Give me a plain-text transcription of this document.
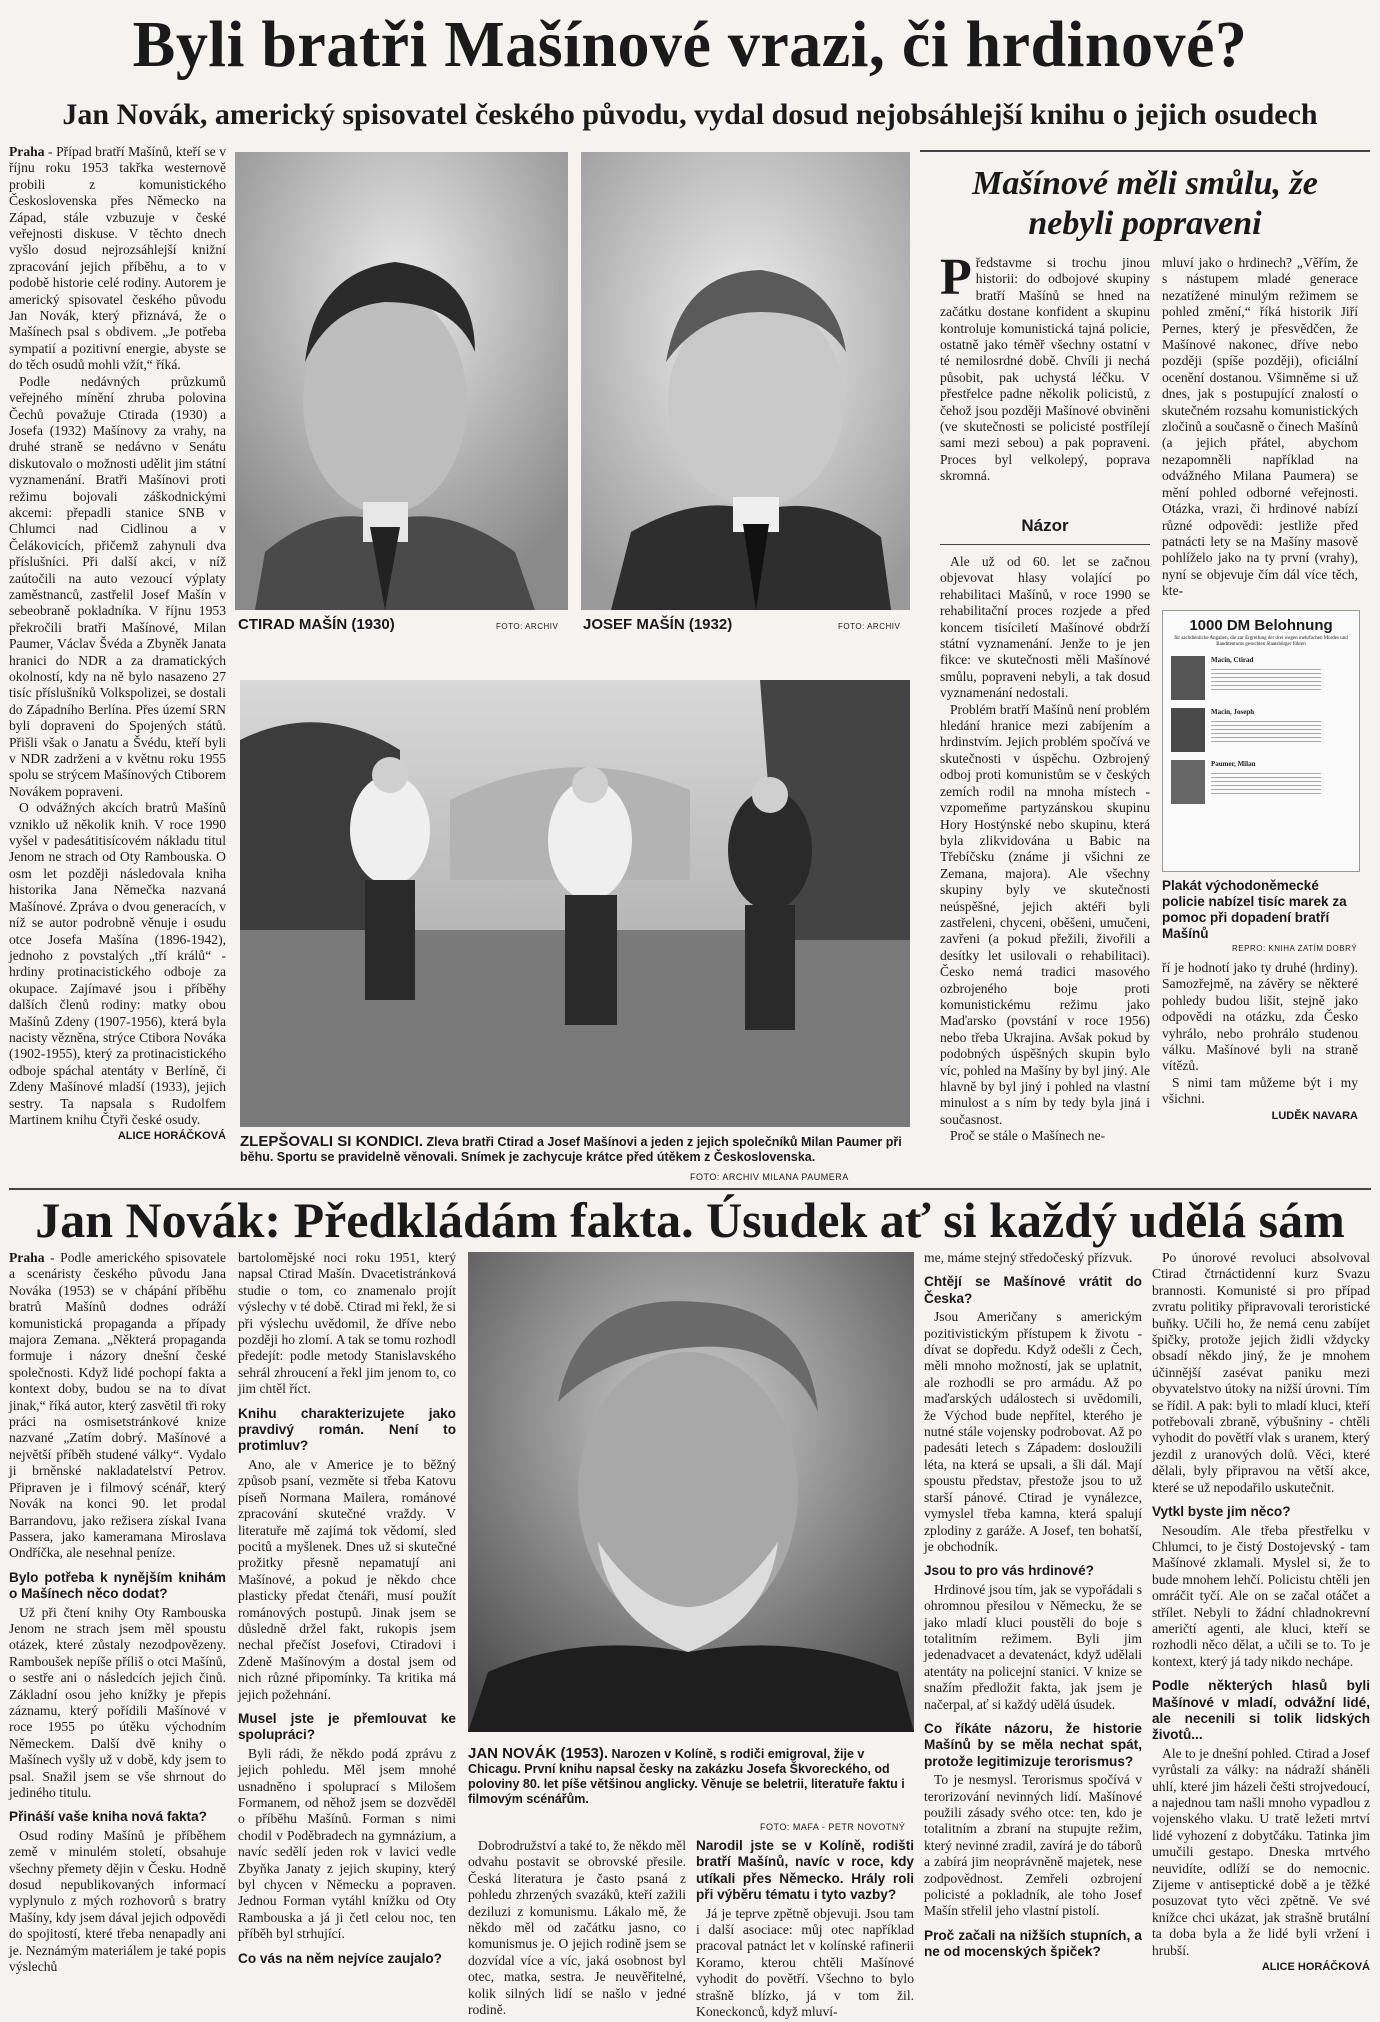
Byli bratři Mašínové vrazi, či hrdinové?
Jan Novák, americký spisovatel českého původu, vydal dosud nejobsáhlejší knihu o jejich osudech

Praha - Případ bratří Mašínů, kteří se v říjnu roku 1953 takřka westernově probili z komunistického Československa přes Německo na Západ, stále vzbuzuje v české veřejnosti diskuse. V těchto dnech vyšlo dosud nejrozsáhlejší knižní zpracování jejich příběhu, a to v podobě historie celé rodiny. Autorem je americký spisovatel českého původu Jan Novák, který přiznává, že o Mašínech psal s obdivem. „Je potřeba sympatií a pozitivní energie, abyste se do těch osudů mohli vžít,“ říká.

Podle nedávných průzkumů veřejného mínění zhruba polovina Čechů považuje Ctirada (1930) a Josefa (1932) Mašínovy za vrahy, na druhé straně se nedávno v Senátu diskutovalo o možnosti udělit jim státní vyznamenání. Bratři Mašínovi proti režimu bojovali záškodnickými akcemi: přepadli stanice SNB v Chlumci nad Cidlinou a v Čelákovicích, přičemž zahynuli dva příslušníci. Při další akci, v níž zaútočili na auto vezoucí výplaty zaměstnanců, zastřelil Josef Mašín v sebeobraně pokladníka. V říjnu 1953 překročili bratři Mašínové, Milan Paumer, Václav Švéda a Zbyněk Janata hranici do NDR a za dramatických okolností, kdy na ně bylo nasazeno 27 tisíc příslušníků Volkspolizei, se dostali do Západního Berlína. Přes území SRN byli dopraveni do Spojených států. Přišli však o Janatu a Švédu, kteří byli v NDR zadrženi a v květnu roku 1955 spolu se strýcem Mašínových Ctiborem Novákem popraveni.

O odvážných akcích bratrů Mašínů vzniklo už několik knih. V roce 1990 vyšel v padesátitisícovém nákladu titul Jenom ne strach od Oty Rambouska. O osm let později následovala kniha historika Jana Němečka nazvaná Mašínové. Zpráva o dvou generacích, v níž se autor podrobně věnuje i osudu otce Josefa Mašína (1896-1942), jednoho z povstalých „tří králů“ - hrdiny protinacistického odboje za okupace. Zajímavé jsou i příběhy dalších členů rodiny: matky obou Mašínů Zdeny (1907-1956), která byla nacisty vězněna, strýce Ctibora Nováka (1902-1955), který za protinacistického odboje spáchal atentáty v Berlíně, či Zdeny Mašínové mladší (1933), jejich sestry. Ta napsala s Rudolfem Martinem knihu Čtyři české osudy.

ALICE HORÁČKOVÁ
CTIRAD MAŠÍN (1930)	FOTO: ARCHIV JOSEF MAŠÍN (1932)	FOTO: ARCHIV
Mašínové měli smůlu, že nebyli popraveni
Představme si trochu jinou historii: do odbojové skupiny bratří Mašínů se hned na začátku dostane konfident a skupinu kontroluje komunistická tajná policie, ostatně jako téměř všechny ostatní v té nemilosrdné době. Chvíli ji nechá působit, pak uchystá léčku. V přestřelce padne několik policistů, z čehož jsou později Mašínové obviněni (ve skutečnosti se policisté postřílejí sami mezi sebou) a pak popraveni. Proces byl velkolepý, poprava skromná.
Názor

Ale už od 60. let se začnou objevovat hlasy volající po rehabilitaci Mašínů, v roce 1990 se rehabilitační proces rozjede a před koncem tisíciletí Mašínové obdrží státní vyznamenání. Jenže to je jen fikce: ve skutečnosti měli Mašínové smůlu, popraveni nebyli, a tak dosud vyznamenání nedostali.

Problém bratří Mašínů není problém hledání hranice mezi zabíjením a hrdinstvím. Jejich problém spočívá ve skutečnosti v úspěchu. Ozbrojený odboj proti komunistům se v českých zemích rodil na mnoha místech - vzpomeňme partyzánskou skupinu Hory Hostýnské nebo skupinu, která byla zlikvidována u Babic na Třebíčsku (známe ji všichni ze Zemana, majora). Ale všechny skupiny byly ve skutečnosti neúspěšné, jejich aktéři byli zastřeleni, chyceni, oběšeni, umučeni, zavřeni (a pokud přežili, živořili a desítky let usilovali o rehabilitaci). Česko nemá tradici masového ozbrojeného boje proti komunistickému režimu jako Maďarsko (povstání v roce 1956) nebo třeba Ukrajina. Avšak pokud by podobných úspěšných skupin bylo víc, pohled na Mašíny by byl jiný. Ale hlavně by byl jiný i pohled na vlastní minulost a s ním by tedy byla jiná i současnost.

Proč se stále o Mašínech ne-

mluví jako o hrdinech? „Věřím, že s nástupem mladé generace nezatížené minulým režimem se pohled změní,“ říká historik Jiří Pernes, který je přesvědčen, že Mašínové nakonec, dříve nebo později (spíše později), oficiální ocenění dostanou. Všimněme si už dnes, jak s postupující znalostí o skutečném rozsahu komunistických zločinů a současně o činech Mašínů (a jejich přátel, abychom nezapomněli například na odvážného Milana Paumera) se mění pohled odborné veřejnosti. Otázka, vrazi, či hrdinové nabízí různé odpovědi: jestliže před patnácti lety se na Mašíny masově pohlíželo jako na ty první (vrahy), nyní se objevuje čím dál více těch, kte-

1000 DM Belohnung
für sachdienliche Angaben, die zur Ergreifung der drei wegen mehrfachen Mordes und Banditentums gesuchten Staatsbürger führen
Macin, Ctirad
Macin, Joseph
Paumer, Milan
Plakát východoněmecké policie nabízel tisíc marek za pomoc při dopadení bratří Mašínů
REPRO: KNIHA ZATÍM DOBRÝ

ří je hodnotí jako ty druhé (hrdiny). Samozřejmě, na závěry se některé pohledy budou lišit, stejně jako odpovědi na otázku, zda Česko vyhrálo, nebo prohrálo studenou válku. Mašínové byli na straně vítězů.

S nimi tam můžeme být i my všichni.

LUDĚK NAVARA
ZLEPŠOVALI SI KONDICI. Zleva bratři Ctirad a Josef Mašínovi a jeden z jejich společníků Milan Paumer při běhu. Sportu se pravidelně věnovali. Snímek je zachycuje krátce před útěkem z Československa.
FOTO: ARCHIV MILANA PAUMERA
Jan Novák: Předkládám fakta. Úsudek ať si každý udělá sám

Praha - Podle amerického spisovatele a scenáristy českého původu Jana Nováka (1953) se v chápání příběhu bratrů Mašínů dodnes odráží komunistická propaganda a případy majora Zemana. „Některá propaganda formuje i názory dnešní české společnosti. Když lidé pochopí fakta a kontext doby, budou se na to dívat jinak,“ říká autor, který zasvětil tři roky práci na osmisetstránkové knize nazvané „Zatím dobrý. Mašínové a největší příběh studené války“. Vydalo ji brněnské nakladatelství Petrov. Připraven je i filmový scénář, který Novák na konci 90. let prodal Barrandovu, jako režisera získal Ivana Passera, jako kameramana Miroslava Ondříčka, ale nesehnal peníze.

Bylo potřeba k nynějším knihám o Mašínech něco dodat?

Už při čtení knihy Oty Rambouska Jenom ne strach jsem měl spoustu otázek, které zůstaly nezodpovězeny. Ramboušek nepíše příliš o otci Mašínů, o sestře ani o následcích jejich činů. Základní osou jeho knížky je přepis záznamu, který pořídili Mašínové v roce 1955 po útěku východním Německem. Další dvě knihy o Mašínech vyšly už v době, kdy jsem to psal. Snažil jsem se vše shrnout do jediného titulu.

Přináší vaše kniha nová fakta?

Osud rodiny Mašínů je příběhem země v minulém století, obsahuje všechny přemety dějin v Česku. Hodně dosud nepublikovaných informací vyplynulo z mých rozhovorů s bratry Mašíny, kdy jsem dával jejich odpovědi do spojitostí, které třeba nenapadly ani je. Neznámým materiálem je také popis výslechů

bartolomějské noci roku 1951, který napsal Ctirad Mašín. Dvacetistránková studie o tom, co znamenalo projít výslechy v té době. Ctirad mi řekl, že si při výslechu uvědomil, že dříve nebo později ho zlomí. A tak se tomu rozhodl předejít: podle metody Stanislavského sehrál zhroucení a řekl jim jenom to, co jim chtěl říct.

Knihu charakterizujete jako pravdivý román. Není to protimluv?

Ano, ale v Americe je to běžný způsob psaní, vezměte si třeba Katovu píseň Normana Mailera, románové zpracování skutečné vraždy. V literatuře mě zajímá tok vědomí, sled pocitů a myšlenek. Dnes už si skutečné prožitky přesně nepamatují ani Mašínové, a pokud je někdo chce plasticky předat čtenáři, musí použít románových postupů. Jinak jsem se důsledně držel fakt, rukopis jsem nechal přečíst Josefovi, Ctiradovi i Zdeně Mašínovým a dostal jsem od nich různé připomínky. Ta kritika má jejich požehnání.

Musel jste je přemlouvat ke spolupráci?

Byli rádi, že někdo podá zprávu z jejich pohledu. Měl jsem mnohé usnadněno i spoluprací s Milošem Formanem, od něhož jsem se dozvěděl o příběhu Mašínů. Forman s nimi chodil v Poděbradech na gymnázium, a navíc sedělí jeden rok v lavici vedle Zbyňka Janaty z jejich skupiny, který byl chycen v Německu a popraven. Jednou Forman vytáhl knížku od Oty Rambouska a já ji četl celou noc, ten příběh byl strhující.

Co vás na něm nejvíce zaujalo?
JAN NOVÁK (1953). Narozen v Kolíně, s rodiči emigroval, žije v Chicagu. První knihu napsal česky na zakázku Josefa Škvoreckého, od poloviny 80. let píše většinou anglicky. Věnuje se beletrii, literatuře faktu i filmovým scénářům.
FOTO: MAFA - PETR NOVOTNÝ

Dobrodružství a také to, že někdo měl odvahu postavit se obrovské přesile. Česká literatura je často psaná z pohledu zhrzených svazáků, kteří zažili deziluzi z komunismu. Lákalo mě, že někdo měl od začátku jasno, co komunismus je. O jejich rodině jsem se dozvídal více a víc, jaká osobnost byl otec, matka, sestra. Je neuvěřitelné, kolik silných lidí se našlo v jedné rodině.

Narodil jste se v Kolíně, rodišti bratří Mašínů, navíc v roce, kdy utíkali přes Německo. Hrály roli při výběru tématu i tyto vazby?

Já je teprve zpětně objevuji. Jsou tam i další asociace: můj otec například pracoval patnáct let v kolínské rafinerii Koramo, kterou chtěli Mašínové vyhodit do povětří. Všechno to bylo strašně blízko, já v tom žil. Koneckonců, když mluví-

me, máme stejný středočeský přízvuk.

Chtějí se Mašínové vrátit do Česka?

Jsou Američany s americkým pozitivistickým přístupem k životu - dívat se dopředu. Když odešli z Čech, měli mnoho možností, jak se uplatnit, ale rozhodli se pro armádu. Až po maďarských událostech si uvědomili, že Východ bude nepřítel, kterého je nutné stále vojensky podrobovat. Až po padesáti letech s Západem: dosloužili léta, na která se upsali, a šli dál. Mají spoustu představ, přestože jsou to už starší pánové. Ctirad je vynálezce, vymyslel třeba kamna, která spalují zplodiny z garáže. A Josef, ten bohatší, je obchodník.

Jsou to pro vás hrdinové?

Hrdinové jsou tím, jak se vypořádali s ohromnou přesilou v Německu, že se jako mladí kluci poustěli do boje s totalitním režimem. Byli jim jedenadvacet a devatenáct, když udělali atentáty na policejní stanici. V knize se snažím předložit fakta, jak jsem je načerpal, ať si každý udělá úsudek.

Co říkáte názoru, že historie Mašínů by se měla nechat spát, protože legitimizuje terorismus?

To je nesmysl. Terorismus spočívá v terorizování nevinných lidí. Mašínové použili zásady svého otce: ten, kdo je totalitním a zbraní na stupujte režim, který nevinné zradil, zavírá je do táborů a zabírá jim neoprávněně majetek, nese zodpovědnost. Zemřeli ozbrojení policisté a pokladník, ale toho Josef Mašín střelil jeho vlastní pistolí.

Proč začali na nižších stupních, a ne od mocenských špiček?

Po únorové revoluci absolvoval Ctirad čtrnáctidenní kurz Svazu brannosti. Komunisté si pro případ zvratu politiky připravovali teroristické buňky. Učili ho, že nemá cenu zabíjet špičky, protože jejich židli vždycky obsadí někdo jiný, že je mnohem účinnější zasévat paniku mezi obyvatelstvo útoky na nižší úrovni. Tím se řídil. A pak: byli to mladí kluci, kteří potřebovali zbraně, výbušniny - chtěli vyhodit do povětří vlak s uranem, který jezdil z uranových dolů. Věci, které dělali, byly připravou na větší akce, které se už nepodařilo uskutečnit.

Vytkl byste jim něco?

Nesoudím. Ale třeba přestřelku v Chlumci, to je čistý Dostojevský - tam Mašínové zklamali. Myslel si, že to bude mnohem lehčí. Policistu chtěli jen omráčit tyčí. Ale on se začal otáčet a střílet. Nebyli to žádní chladnokrevní američtí agenti, ale kluci, kteří se rozhodli něco dělat, a učili se to. To je kontext, který já tady nikdo nechápe.

Podle některých hlasů byli Mašínové v mladí, odvážní lidé, ale necenili si tolik lidských životů...

Ale to je dnešní pohled. Ctirad a Josef vyrůstali za války: na nádraží sháněli uhlí, které jim házeli češti strojvedoucí, a najednou tam našli mnoho vypadlou z vojenského vlaku. U tratě ležeti mrtví lidé vyhození z dobytčáku. Tatinka jim umučili gestapo. Dneska mrtvého neuvidíte, odlíží se do nemocnic. Zijeme v antiseptické době a je těžké posuzovat tyto věci zpětně. Ve své knížce chci ukázat, jak strašně brutální ta doba byla a že lidé byli vržení i hrubší.

ALICE HORÁČKOVÁ
